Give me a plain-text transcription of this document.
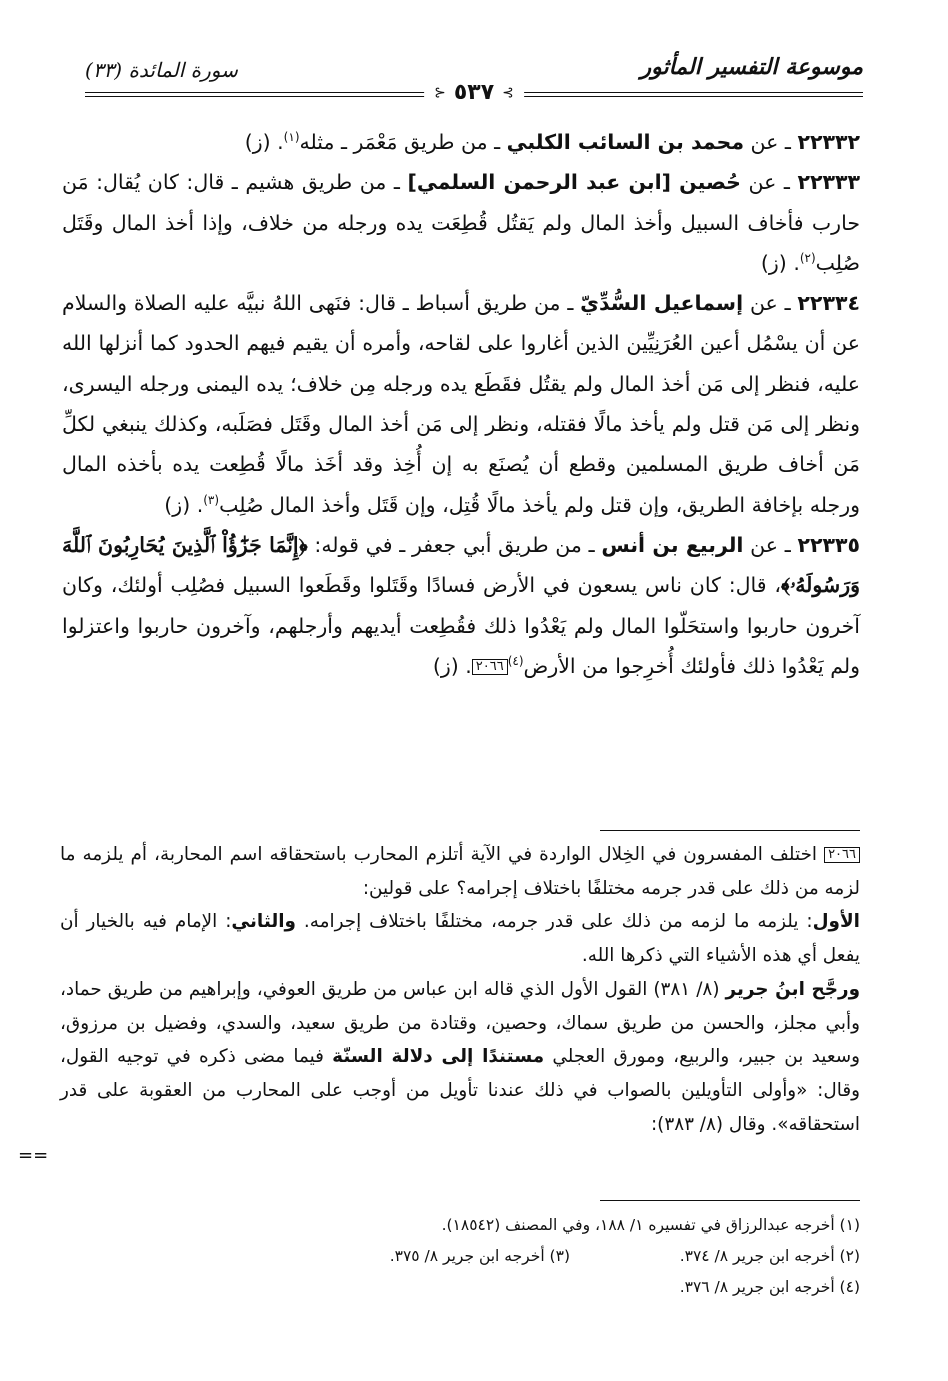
موسوعة التفسير المأثور
سورة المائدة (٣٣)
⊱
٥٣٧
⊰

٢٢٣٣٢ ـ عن محمد بن السائب الكلبي ـ من طريق مَعْمَر ـ مثله$^{(١)}$. (ز)

٢٢٣٣٣ ـ عن حُصين [ابن عبد الرحمن السلمي] ـ من طريق هشيم ـ قال: كان يُقال: مَن حارب فأخاف السبيل وأخذ المال ولم يَقتُل قُطِعَت يده ورجله من خلاف، وإذا أخذ المال وقَتَل صُلِب$^{(٢)}$. (ز)

٢٢٣٣٤ ـ عن إسماعيل السُّدِّيّ ـ من طريق أسباط ـ قال: فنَهى اللهُ نبيَّه عليه الصلاة والسلام عن أن يسْمُل أعين العُرَنِيِّين الذين أغاروا على لقاحه، وأمره أن يقيم فيهم الحدود كما أنزلها الله عليه، فنظر إلى مَن أخذ المال ولم يقتُل فقَطَع يده ورجله مِن خلاف؛ يده اليمنى ورجله اليسرى، ونظر إلى مَن قتل ولم يأخذ مالًا فقتله، ونظر إلى مَن أخذ المال وقَتَل فصَلَبه، وكذلك ينبغي لكلِّ مَن أخاف طريق المسلمين وقطع أن يُصنَع به إن أُخِذ وقد أخَذ مالًا قُطِعت يده بأخذه المال ورجله بإخافة الطريق، وإن قتل ولم يأخذ مالًا قُتِل، وإن قَتَل وأخذ المال صُلِب$^{(٣)}$. (ز)

٢٢٣٣٥ ـ عن الربيع بن أنس ـ من طريق أبي جعفر ـ في قوله: ﴿إِنَّمَا جَزَٰٓؤُاْ ٱلَّذِينَ يُحَارِبُونَ ٱللَّهَ وَرَسُولَهُۥ﴾، قال: كان ناس يسعون في الأرض فسادًا وقَتَلوا وقَطَعوا السبيل فصُلِب أولئك، وكان آخرون حاربوا واستحَلّوا المال ولم يَعْدُوا ذلك فقُطِعت أيديهم وأرجلهم، وآخرون حاربوا واعتزلوا ولم يَعْدُوا ذلك فأولئك أُخرِجوا من الأرض$^{(٤)}$٢٠٦٦. (ز)

٢٠٦٦ اختلف المفسرون في الخِلال الواردة في الآية أتلزم المحارب باستحقاقه اسم المحاربة، أم يلزمه ما لزمه من ذلك على قدر جرمه مختلفًا باختلاف إجرامه؟ على قولين:

الأول: يلزمه ما لزمه من ذلك على قدر جرمه، مختلفًا باختلاف إجرامه. والثاني: الإمام فيه بالخيار أن يفعل أي هذه الأشياء التي ذكرها الله.

ورجَّح ابنُ جرير (٨/ ٣٨١) القول الأول الذي قاله ابن عباس من طريق العوفي، وإبراهيم من طريق حماد، وأبي مجلز، والحسن من طريق سماك، وحصين، وقتادة من طريق سعيد، والسدي، وفضيل بن مرزوق، وسعيد بن جبير، والربيع، ومورق العجلي مستندًا إلى دلالة السنّة فيما مضى ذكره في توجيه القول، وقال: «وأولى التأويلين بالصواب في ذلك عندنا تأويل من أوجب على المحارب من العقوبة على قدر استحقاقه». وقال (٨/ ٣٨٣):

==
(١) أخرجه عبدالرزاق في تفسيره ١/ ١٨٨، وفي المصنف (١٨٥٤٢).
(٢) أخرجه ابن جرير ٨/ ٣٧٤.
(٣) أخرجه ابن جرير ٨/ ٣٧٥.
(٤) أخرجه ابن جرير ٨/ ٣٧٦.
